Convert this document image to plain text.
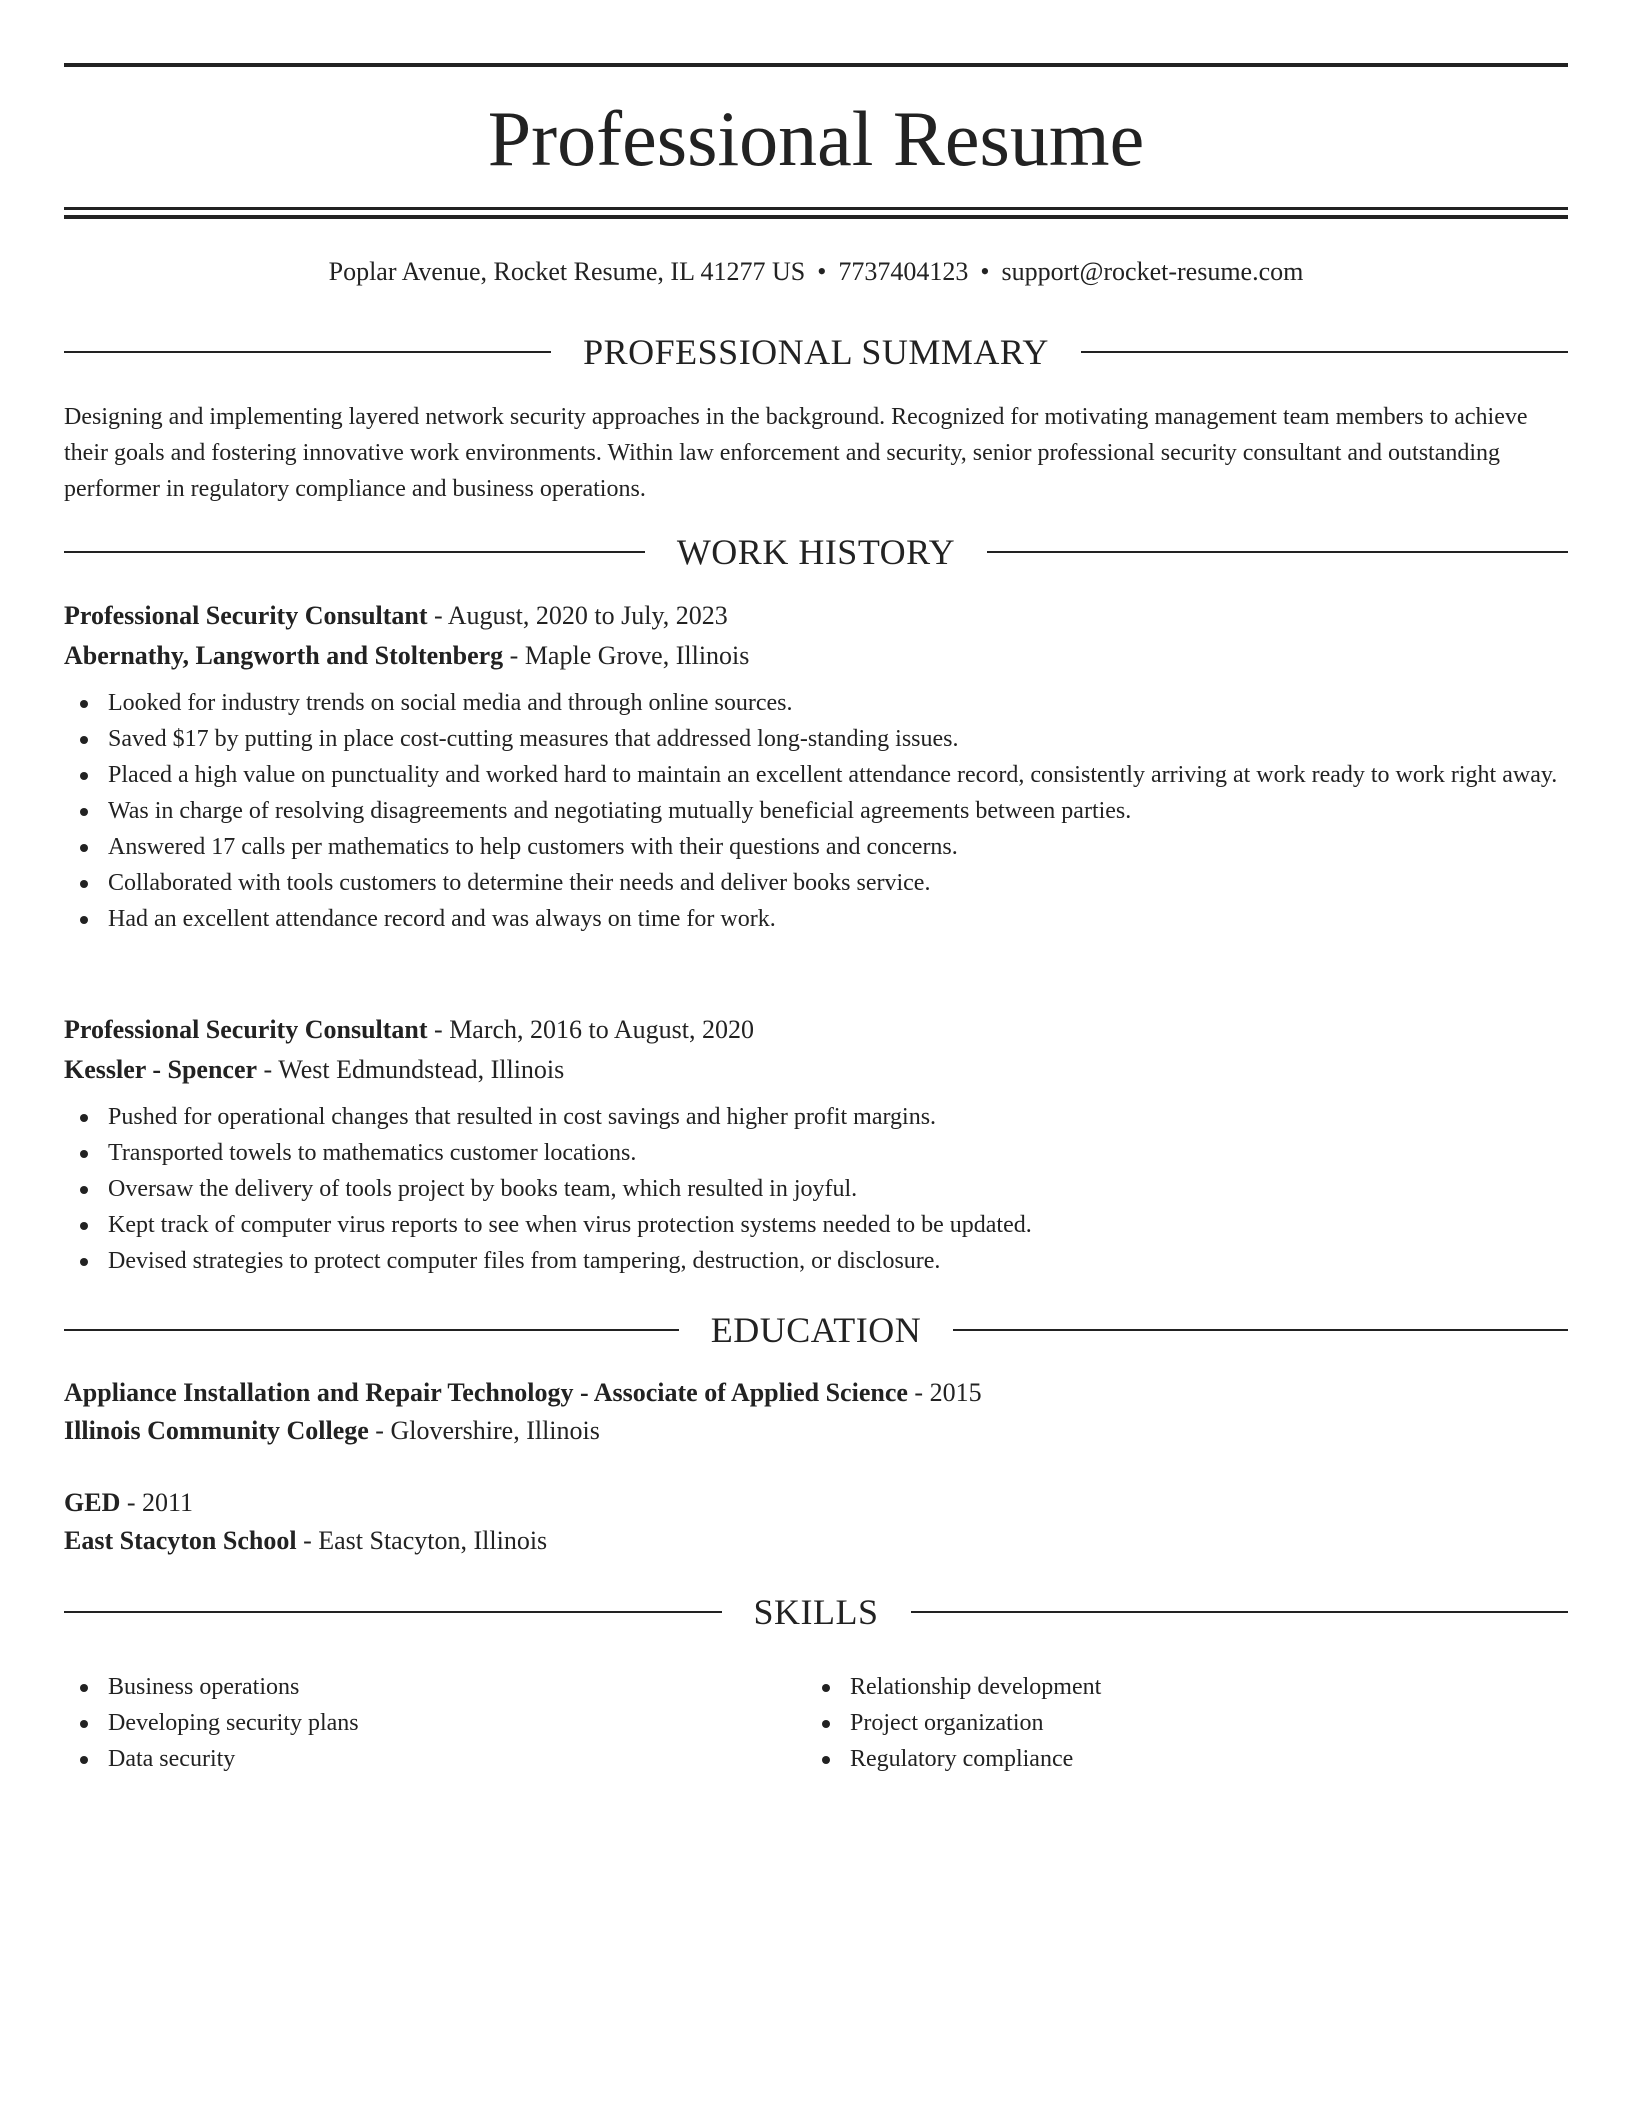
Professional Resume
Poplar Avenue, Rocket Resume, IL 41277 US • 7737404123 • support@rocket-resume.com
PROFESSIONAL SUMMARY

Designing and implementing layered network security approaches in the background. Recognized for motivating management team members to achieve their goals and fostering innovative work environments. Within law enforcement and security, senior professional security consultant and outstanding performer in regulatory compliance and business operations.

WORK HISTORY
Professional Security Consultant - August, 2020 to July, 2023
Abernathy, Langworth and Stoltenberg - Maple Grove, Illinois
Looked for industry trends on social media and through online sources.
Saved $17 by putting in place cost-cutting measures that addressed long-standing issues.
Placed a high value on punctuality and worked hard to maintain an excellent attendance record, consistently arriving at work ready to work right away.
Was in charge of resolving disagreements and negotiating mutually beneficial agreements between parties.
Answered 17 calls per mathematics to help customers with their questions and concerns.
Collaborated with tools customers to determine their needs and deliver books service.
Had an excellent attendance record and was always on time for work.
Professional Security Consultant - March, 2016 to August, 2020
Kessler - Spencer - West Edmundstead, Illinois
Pushed for operational changes that resulted in cost savings and higher profit margins.
Transported towels to mathematics customer locations.
Oversaw the delivery of tools project by books team, which resulted in joyful.
Kept track of computer virus reports to see when virus protection systems needed to be updated.
Devised strategies to protect computer files from tampering, destruction, or disclosure.
EDUCATION
Appliance Installation and Repair Technology - Associate of Applied Science - 2015
Illinois Community College - Glovershire, Illinois
GED - 2011
East Stacyton School - East Stacyton, Illinois
SKILLS
Business operations
Developing security plans
Data security
Relationship development
Project organization
Regulatory compliance
